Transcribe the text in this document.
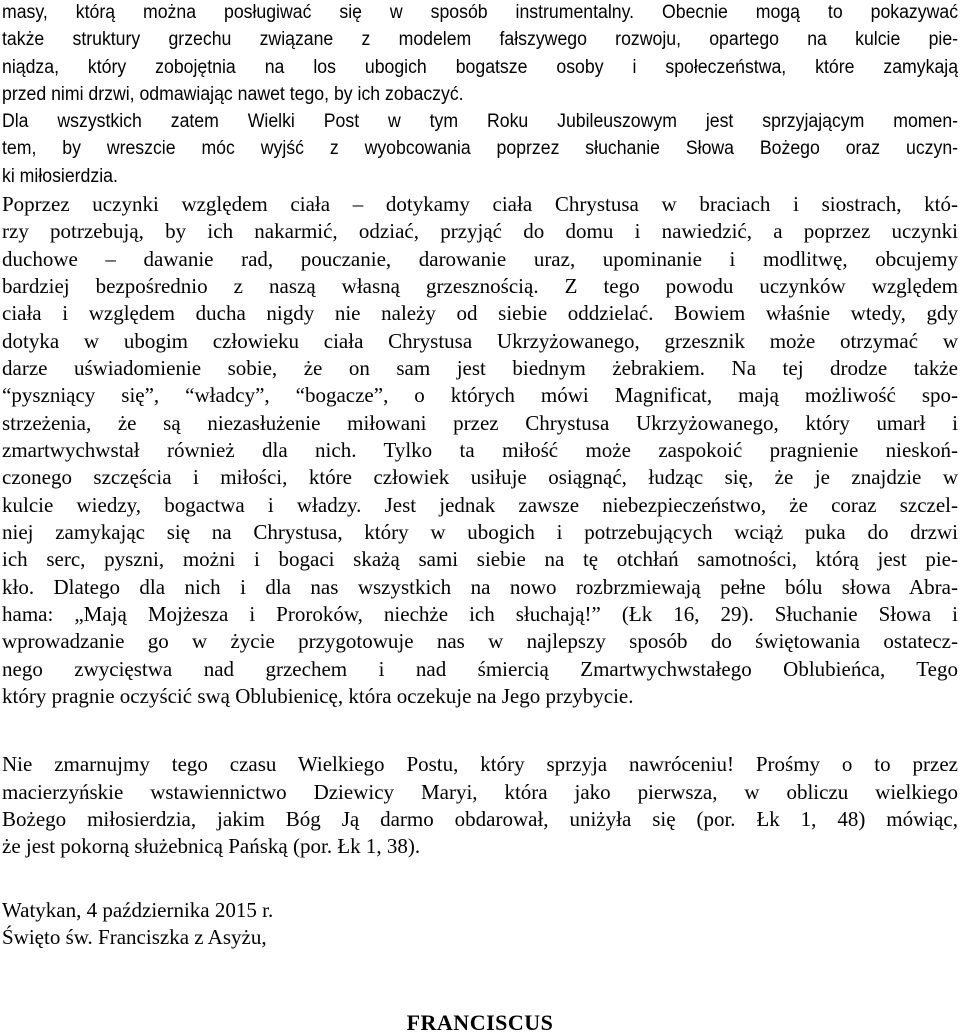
masy, którą można posługiwać się w sposób instrumentalny. Obecnie mogą to pokazywać
także struktury grzechu związane z modelem fałszywego rozwoju, opartego na kulcie pie-
niądza, który zobojętnia na los ubogich bogatsze osoby i społeczeństwa, które zamykają
przed nimi drzwi, odmawiając nawet tego, by ich zobaczyć.
Dla wszystkich zatem Wielki Post w tym Roku Jubileuszowym jest sprzyjającym momen-
tem, by wreszcie móc wyjść z wyobcowania poprzez słuchanie Słowa Bożego oraz uczyn-
ki miłosierdzia.
Poprzez uczynki względem ciała – dotykamy ciała Chrystusa w braciach i siostrach, któ-
rzy potrzebują, by ich nakarmić, odziać, przyjąć do domu i nawiedzić, a poprzez uczynki
duchowe – dawanie rad, pouczanie, darowanie uraz, upominanie i modlitwę, obcujemy
bardziej bezpośrednio z naszą własną grzesznością. Z tego powodu uczynków względem
ciała i względem ducha nigdy nie należy od siebie oddzielać. Bowiem właśnie wtedy, gdy
dotyka w ubogim człowieku ciała Chrystusa Ukrzyżowanego, grzesznik może otrzymać w
darze uświadomienie sobie, że on sam jest biednym żebrakiem. Na tej drodze także
“pyszniący się”, “władcy”, “bogacze”, o których mówi Magnificat, mają możliwość spo-
strzeżenia, że są niezasłużenie miłowani przez Chrystusa Ukrzyżowanego, który umarł i
zmartwychwstał również dla nich. Tylko ta miłość może zaspokoić pragnienie nieskoń-
czonego szczęścia i miłości, które człowiek usiłuje osiągnąć, łudząc się, że je znajdzie w
kulcie wiedzy, bogactwa i władzy. Jest jednak zawsze niebezpieczeństwo, że coraz szczel-
niej zamykając się na Chrystusa, który w ubogich i potrzebujących wciąż puka do drzwi
ich serc, pyszni, możni i bogaci skażą sami siebie na tę otchłań samotności, którą jest pie-
kło. Dlatego dla nich i dla nas wszystkich na nowo rozbrzmiewają pełne bólu słowa Abra-
hama: „Mają Mojżesza i Proroków, niechże ich słuchają!” (Łk 16, 29). Słuchanie Słowa i
wprowadzanie go w życie przygotowuje nas w najlepszy sposób do świętowania ostatecz-
nego zwycięstwa nad grzechem i nad śmiercią Zmartwychwstałego Oblubieńca, Tego
który pragnie oczyścić swą Oblubienicę, która oczekuje na Jego przybycie.
Nie zmarnujmy tego czasu Wielkiego Postu, który sprzyja nawróceniu! Prośmy o to przez
macierzyńskie wstawiennictwo Dziewicy Maryi, która jako pierwsza, w obliczu wielkiego
Bożego miłosierdzia, jakim Bóg Ją darmo obdarował, uniżyła się (por. Łk 1, 48) mówiąc,
że jest pokorną służebnicą Pańską (por. Łk 1, 38).
Watykan, 4 października 2015 r.
Święto św. Franciszka z Asyżu,
FRANCISCUS
